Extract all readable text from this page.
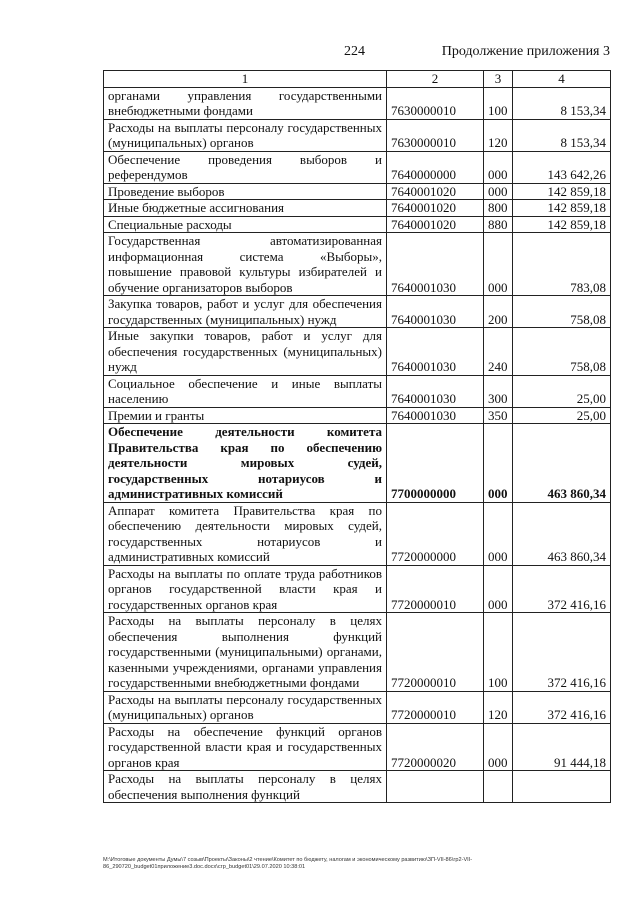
224	Продолжение приложения 3
1	2	3	4
органами управления государственными внебюджетными фондами	7630000010	100	8 153,34
Расходы на выплаты персоналу государственных (муниципальных) органов	7630000010	120	8 153,34
Обеспечение проведения выборов и референдумов	7640000000	000	143 642,26
Проведение выборов	7640001020	000	142 859,18
Иные бюджетные ассигнования	7640001020	800	142 859,18
Специальные расходы	7640001020	880	142 859,18
Государственная автоматизированная информационная система «Выборы», повышение правовой культуры избирателей и обучение организаторов выборов	7640001030	000	783,08
Закупка товаров, работ и услуг для обеспечения государственных (муниципальных) нужд	7640001030	200	758,08
Иные закупки товаров, работ и услуг для обеспечения государственных (муниципальных) нужд	7640001030	240	758,08
Социальное обеспечение и иные выплаты населению	7640001030	300	25,00
Премии и гранты	7640001030	350	25,00
Обеспечение деятельности комитета Правительства края по обеспечению деятельности мировых судей, государственных нотариусов и административных комиссий	7700000000	000	463 860,34
Аппарат комитета Правительства края по обеспечению деятельности мировых судей, государственных нотариусов и административных комиссий	7720000000	000	463 860,34
Расходы на выплаты по оплате труда работников органов государственной власти края и государственных органов края	7720000010	000	372 416,16
Расходы на выплаты персоналу в целях обеспечения выполнения функций государственными (муниципальными) органами, казенными учреждениями, органами управления государственными внебюджетными фондами	7720000010	100	372 416,16
Расходы на выплаты персоналу государственных (муниципальных) органов	7720000010	120	372 416,16
Расходы на обеспечение функций органов государственной власти края и государственных органов края	7720000020	000	91 444,18
Расходы на выплаты персоналу в целях обеспечения выполнения функций			
M:\Итоговые документы Думы\7 созыв\Проекты\Законы\2 чтение\Комитет по бюджету, налогам и экономическому развитию\ЗП-VII-86\гр2-VII-86_290720_budget01приложение3.doc.docx\сгр_budget01\29.07.2020 10:38:01
